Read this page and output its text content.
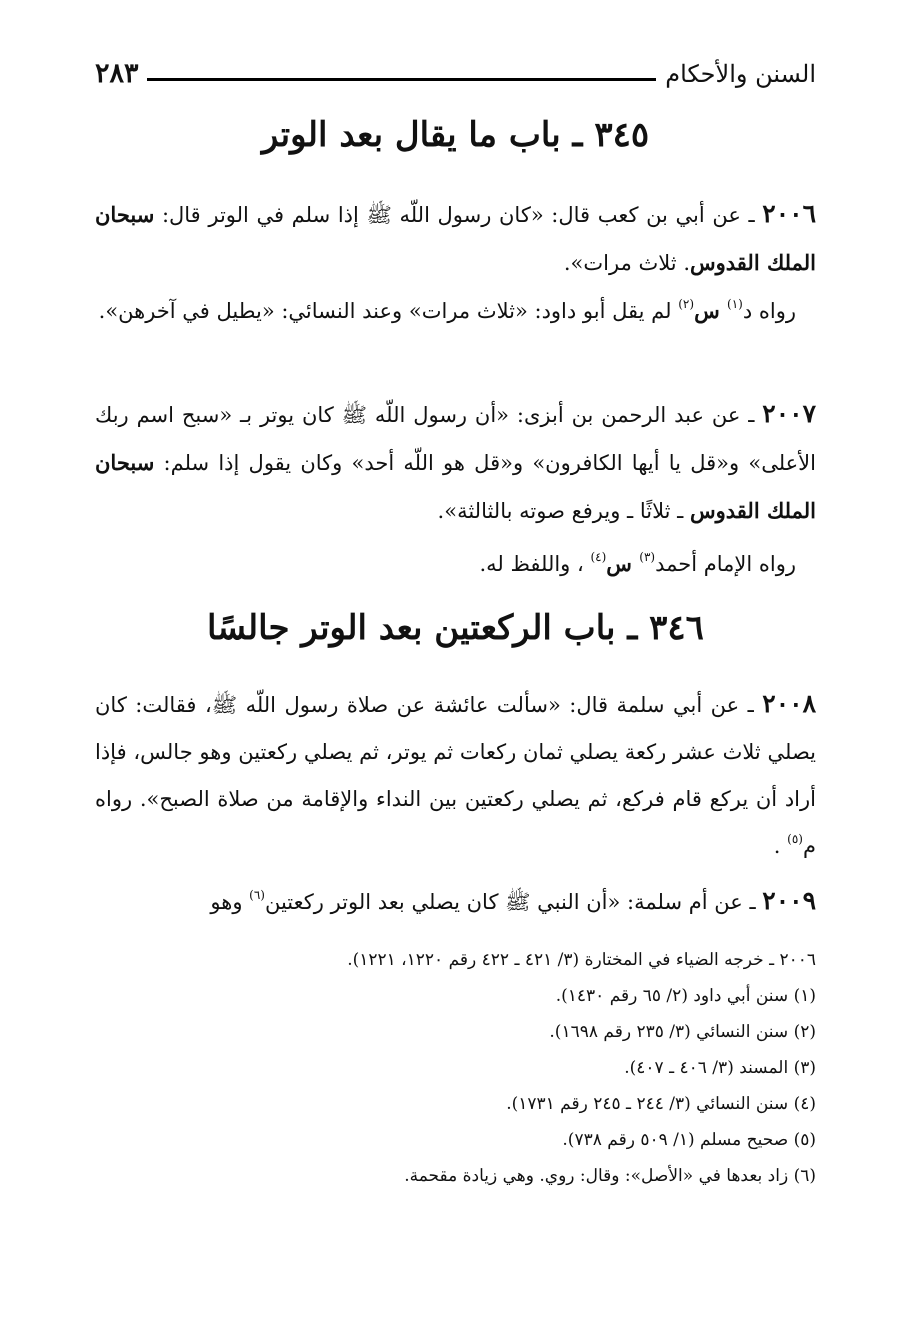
السنن والأحكام
٢٨٣
٣٤٥ ـ باب ما يقال بعد الوتر

٢٠٠٦ ـ عن أبي بن كعب قال: «كان رسول اللّه ﷺ إذا سلم في الوتر قال: سبحان الملك القدوس. ثلاث مرات».

رواه د$^{(١)}$ س$^{(٢)}$ لم يقل أبو داود: «ثلاث مرات» وعند النسائي: «يطيل في آخرهن».

٢٠٠٧ ـ عن عبد الرحمن بن أبزى: «أن رسول اللّه ﷺ كان يوتر بـ «سبح اسم ربك الأعلى» و«قل يا أيها الكافرون» و«قل هو اللّه أحد» وكان يقول إذا سلم: سبحان الملك القدوس ـ ثلاثًا ـ ويرفع صوته بالثالثة».

رواه الإمام أحمد$^{(٣)}$ س$^{(٤)}$ ، واللفظ له.

٣٤٦ ـ باب الركعتين بعد الوتر جالسًا

٢٠٠٨ ـ عن أبي سلمة قال: «سألت عائشة عن صلاة رسول اللّه ﷺ، فقالت: كان يصلي ثلاث عشر ركعة يصلي ثمان ركعات ثم يوتر، ثم يصلي ركعتين وهو جالس، فإذا أراد أن يركع قام فركع، ثم يصلي ركعتين بين النداء والإقامة من صلاة الصبح». رواه م$^{(٥)}$ .

٢٠٠٩ ـ عن أم سلمة: «أن النبي ﷺ كان يصلي بعد الوتر ركعتين$^{(٦)}$ وهو

٢٠٠٦ ـ خرجه الضياء في المختارة (٣/ ٤٢١ ـ ٤٢٢ رقم ١٢٢٠، ١٢٢١).
(١) سنن أبي داود (٢/ ٦٥ رقم ١٤٣٠).
(٢) سنن النسائي (٣/ ٢٣٥ رقم ١٦٩٨).
(٣) المسند (٣/ ٤٠٦ ـ ٤٠٧).
(٤) سنن النسائي (٣/ ٢٤٤ ـ ٢٤٥ رقم ١٧٣١).
(٥) صحيح مسلم (١/ ٥٠٩ رقم ٧٣٨).
(٦) زاد بعدها في «الأصل»: وقال: روي. وهي زيادة مقحمة.
